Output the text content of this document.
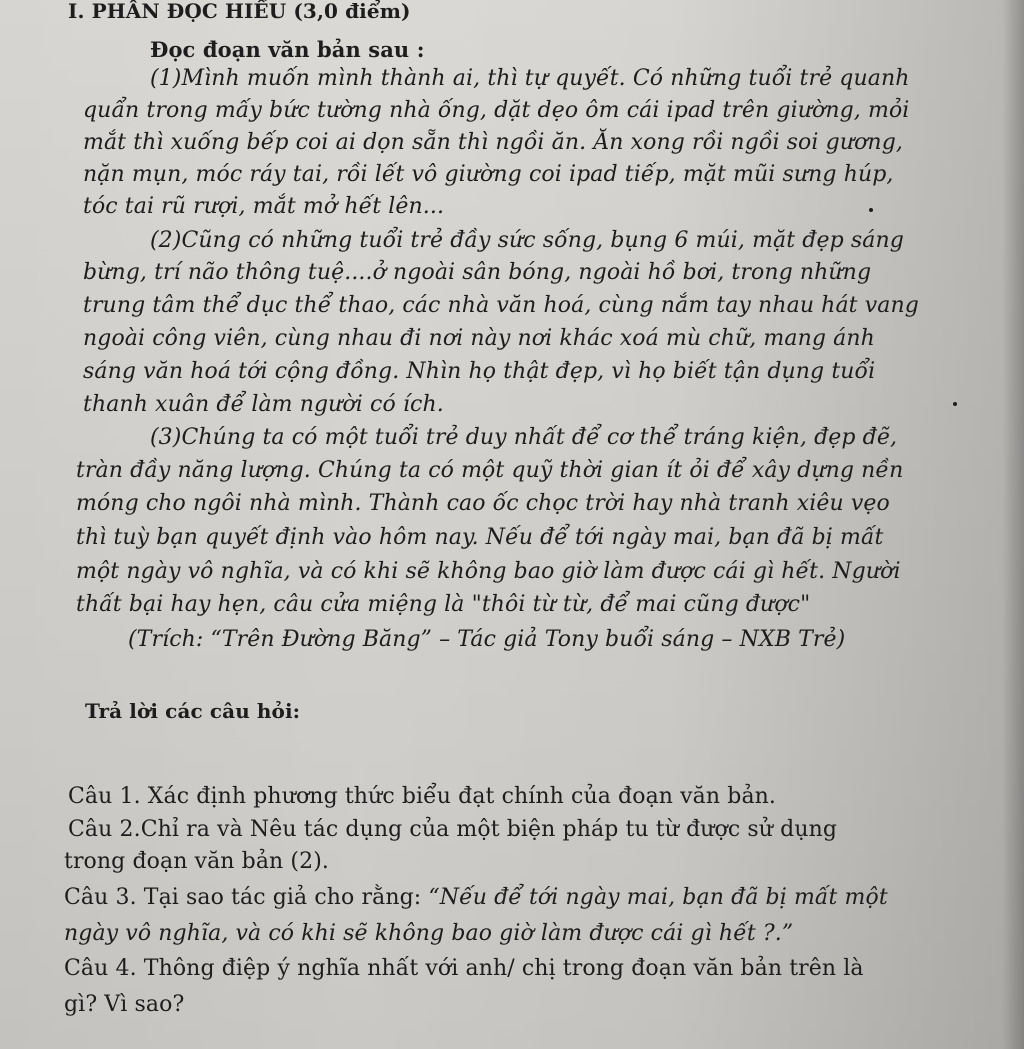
I. PHẦN ĐỌC HIỂU (3,0 điểm)
Đọc đoạn văn bản sau :
(1)Mình muốn mình thành ai, thì tự quyết. Có những tuổi trẻ quanh
quẩn trong mấy bức tường nhà ống, dặt dẹo ôm cái ipad trên giường, mỏi
mắt thì xuống bếp coi ai dọn sẵn thì ngồi ăn. Ăn xong rồi ngồi soi gương,
nặn mụn, móc ráy tai, rồi lết vô giường coi ipad tiếp, mặt mũi sưng húp,
tóc tai rũ rượi, mắt mở hết lên...
(2)Cũng có những tuổi trẻ đầy sức sống, bụng 6 múi, mặt đẹp sáng
bừng, trí não thông tuệ....ở ngoài sân bóng, ngoài hồ bơi, trong những
trung tâm thể dục thể thao, các nhà văn hoá, cùng nắm tay nhau hát vang
ngoài công viên, cùng nhau đi nơi này nơi khác xoá mù chữ, mang ánh
sáng văn hoá tới cộng đồng. Nhìn họ thật đẹp, vì họ biết tận dụng tuổi
thanh xuân để làm người có ích.
(3)Chúng ta có một tuổi trẻ duy nhất để cơ thể tráng kiện, đẹp đẽ,
tràn đầy năng lượng. Chúng ta có một quỹ thời gian ít ỏi để xây dựng nền
móng cho ngôi nhà mình. Thành cao ốc chọc trời hay nhà tranh xiêu vẹo
thì tuỳ bạn quyết định vào hôm nay. Nếu để tới ngày mai, bạn đã bị mất
một ngày vô nghĩa, và có khi sẽ không bao giờ làm được cái gì hết. Người
thất bại hay hẹn, câu cửa miệng là "thôi từ từ, để mai cũng được"
(Trích: “Trên Đường Băng” – Tác giả Tony buổi sáng – NXB Trẻ)
Trả lời các câu hỏi:
Câu 1. Xác định phương thức biểu đạt chính của đoạn văn bản.
Câu 2.Chỉ ra và Nêu tác dụng của một biện pháp tu từ được sử dụng
trong đoạn văn bản (2).
Câu 3. Tại sao tác giả cho rằng: “Nếu để tới ngày mai, bạn đã bị mất một
ngày vô nghĩa, và có khi sẽ không bao giờ làm được cái gì hết ?.”
Câu 4. Thông điệp ý nghĩa nhất với anh/ chị trong đoạn văn bản trên là
gì? Vì sao?
